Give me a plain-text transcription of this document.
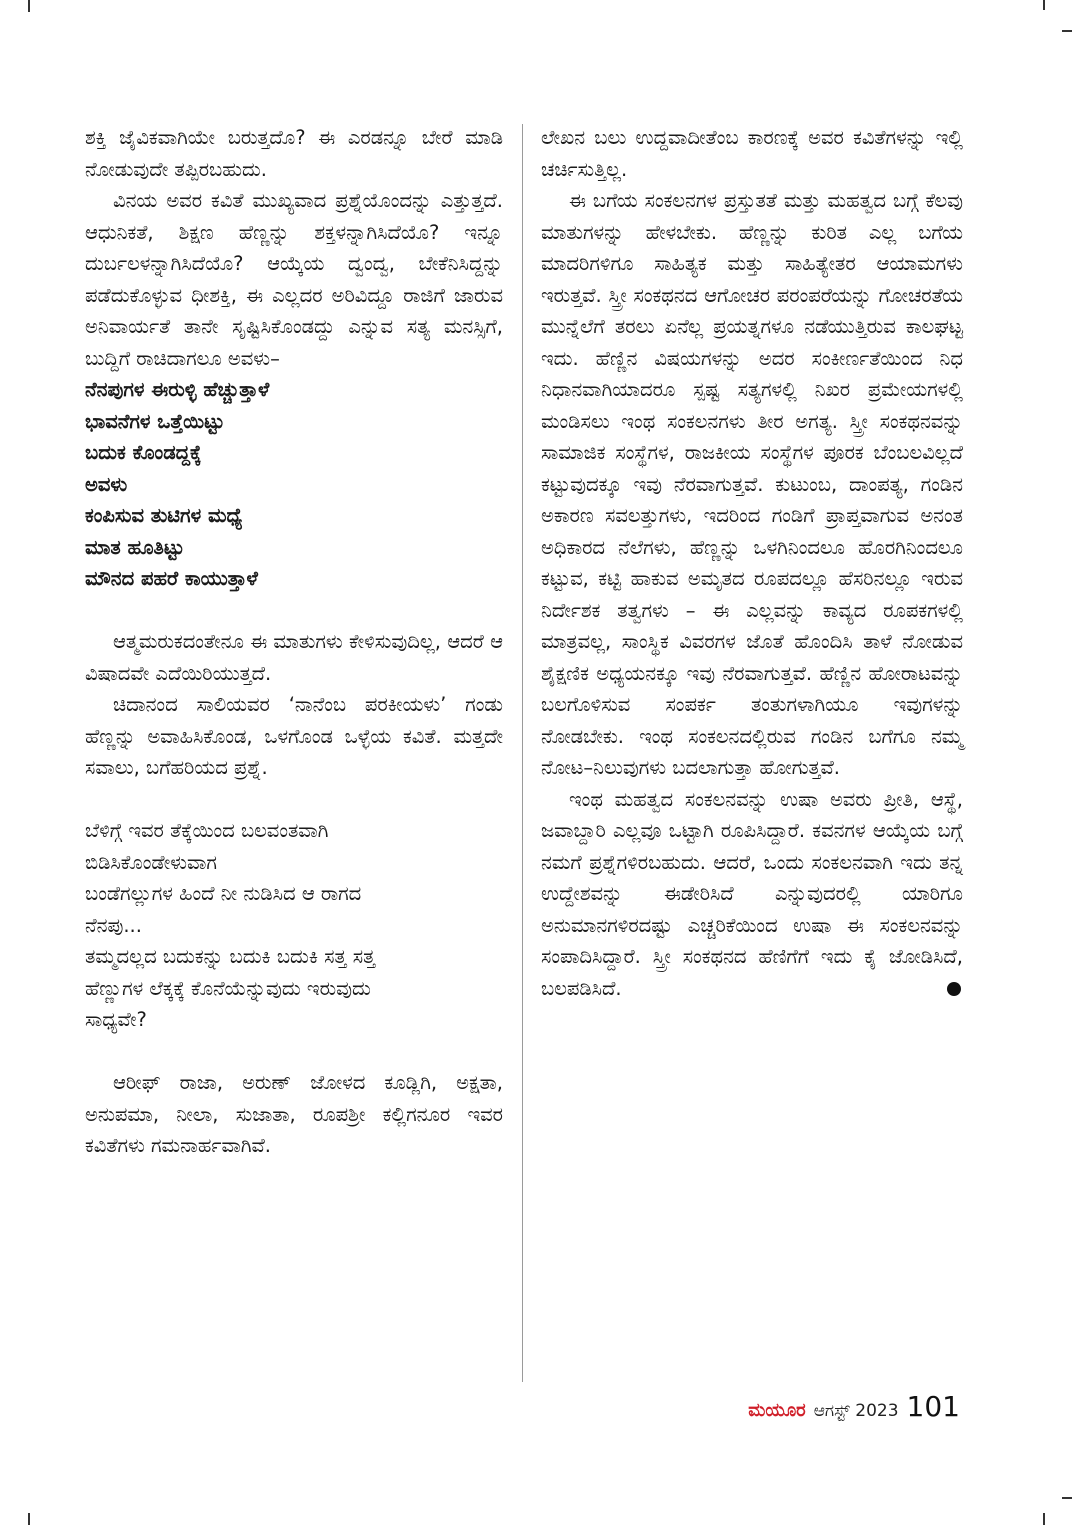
ಶಕ್ತಿ ಜೈವಿಕವಾಗಿಯೇ ಬರುತ್ತದೊ? ಈ ಎರಡನ್ನೂ ಬೇರೆ ಮಾಡಿ ನೋಡುವುದೇ ತಪ್ಪಿರಬಹುದು.

ವಿನಯ ಅವರ ಕವಿತೆ ಮುಖ್ಯವಾದ ಪ್ರಶ್ನೆಯೊಂದನ್ನು ಎತ್ತುತ್ತದೆ. ಆಧುನಿಕತೆ, ಶಿಕ್ಷಣ ಹೆಣ್ಣನ್ನು ಶಕ್ತಳನ್ನಾಗಿಸಿದೆಯೊ? ಇನ್ನೂ ದುರ್ಬಲಳನ್ನಾಗಿಸಿದೆಯೊ? ಆಯ್ಕೆಯ ದ್ವಂದ್ವ, ಬೇಕೆನಿಸಿದ್ದನ್ನು ಪಡೆದುಕೊಳ್ಳುವ ಧೀಶಕ್ತಿ, ಈ ಎಲ್ಲದರ ಅರಿವಿದ್ದೂ ರಾಜಿಗೆ ಜಾರುವ ಅನಿವಾರ್ಯತೆ ತಾನೇ ಸೃಷ್ಟಿಸಿಕೊಂಡದ್ದು ಎನ್ನುವ ಸತ್ಯ ಮನಸ್ಸಿಗೆ, ಬುದ್ದಿಗೆ ರಾಚಿದಾಗಲೂ ಅವಳು–

ನೆನಪುಗಳ ಈರುಳ್ಳಿ ಹೆಚ್ಚುತ್ತಾಳೆ
ಭಾವನೆಗಳ ಒತ್ತೆಯಿಟ್ಟು
ಬದುಕ ಕೊಂಡದ್ದಕ್ಕೆ
ಅವಳು
ಕಂಪಿಸುವ ತುಟಿಗಳ ಮಧ್ಯೆ
ಮಾತ ಹೂತಿಟ್ಟು
ಮೌನದ ಪಹರೆ ಕಾಯುತ್ತಾಳೆ

ಆತ್ಮಮರುಕದಂತೇನೂ ಈ ಮಾತುಗಳು ಕೇಳಿಸುವುದಿಲ್ಲ, ಆದರೆ ಆ ವಿಷಾದವೇ ಎದೆಯಿರಿಯುತ್ತದೆ.

ಚಿದಾನಂದ ಸಾಲಿಯವರ ‘ನಾನೆಂಬ ಪರಕೀಯಳು’ ಗಂಡು ಹೆಣ್ಣನ್ನು ಅವಾಹಿಸಿಕೊಂಡ, ಒಳಗೊಂಡ ಒಳ್ಳೆಯ ಕವಿತೆ. ಮತ್ತದೇ ಸವಾಲು, ಬಗೆಹರಿಯದ ಪ್ರಶ್ನೆ.

ಬೆಳಿಗ್ಗೆ ಇವರ ತೆಕ್ಕೆಯಿಂದ ಬಲವಂತವಾಗಿ
ಬಿಡಿಸಿಕೊಂಡೇಳುವಾಗ
ಬಂಡೆಗಲ್ಲುಗಳ ಹಿಂದೆ ನೀ ನುಡಿಸಿದ ಆ ರಾಗದ
ನೆನಪು...
ತಮ್ಮದಲ್ಲದ ಬದುಕನ್ನು ಬದುಕಿ ಬದುಕಿ ಸತ್ತ ಸತ್ತ
ಹೆಣ್ಣುಗಳ ಲೆಕ್ಕಕ್ಕೆ ಕೊನೆಯೆನ್ನುವುದು ಇರುವುದು
ಸಾಧ್ಯವೇ?

ಆರೀಫ್ ರಾಜಾ, ಅರುಣ್ ಜೋಳದ ಕೂಡ್ಲಿಗಿ, ಅಕ್ಷತಾ, ಅನುಪಮಾ, ನೀಲಾ, ಸುಜಾತಾ, ರೂಪಶ್ರೀ ಕಲ್ಲಿಗನೂರ ಇವರ ಕವಿತೆಗಳು ಗಮನಾರ್ಹವಾಗಿವೆ.

ಲೇಖನ ಬಲು ಉದ್ದವಾದೀತೆಂಬ ಕಾರಣಕ್ಕೆ ಅವರ ಕವಿತೆಗಳನ್ನು ಇಲ್ಲಿ ಚರ್ಚಿಸುತ್ತಿಲ್ಲ.

ಈ ಬಗೆಯ ಸಂಕಲನಗಳ ಪ್ರಸ್ತುತತೆ ಮತ್ತು ಮಹತ್ವದ ಬಗ್ಗೆ ಕೆಲವು ಮಾತುಗಳನ್ನು ಹೇಳಬೇಕು. ಹೆಣ್ಣನ್ನು ಕುರಿತ ಎಲ್ಲ ಬಗೆಯ ಮಾದರಿಗಳಿಗೂ ಸಾಹಿತ್ಯಕ ಮತ್ತು ಸಾಹಿತ್ಯೇತರ ಆಯಾಮಗಳು ಇರುತ್ತವೆ. ಸ್ತ್ರೀ ಸಂಕಥನದ ಆಗೋಚರ ಪರಂಪರೆಯನ್ನು ಗೋಚರತೆಯ ಮುನ್ನೆಲೆಗೆ ತರಲು ಏನೆಲ್ಲ ಪ್ರಯತ್ನಗಳೂ ನಡೆಯುತ್ತಿರುವ ಕಾಲಘಟ್ಟ ಇದು. ಹೆಣ್ಣಿನ ವಿಷಯಗಳನ್ನು ಅದರ ಸಂಕೀರ್ಣತೆಯಿಂದ ನಿಧ ನಿಧಾನವಾಗಿಯಾದರೂ ಸ್ಪಷ್ಟ ಸತ್ಯಗಳಲ್ಲಿ ನಿಖರ ಪ್ರಮೇಯಗಳಲ್ಲಿ ಮಂಡಿಸಲು ಇಂಥ ಸಂಕಲನಗಳು ತೀರ ಅಗತ್ಯ. ಸ್ತ್ರೀ ಸಂಕಥನವನ್ನು ಸಾಮಾಜಿಕ ಸಂಸ್ಥೆಗಳ, ರಾಜಕೀಯ ಸಂಸ್ಥೆಗಳ ಪೂರಕ ಬೆಂಬಲವಿಲ್ಲದೆ ಕಟ್ಟುವುದಕ್ಕೂ ಇವು ನೆರವಾಗುತ್ತವೆ. ಕುಟುಂಬ, ದಾಂಪತ್ಯ, ಗಂಡಿನ ಅಕಾರಣ ಸವಲತ್ತುಗಳು, ಇದರಿಂದ ಗಂಡಿಗೆ ಪ್ರಾಪ್ತವಾಗುವ ಅನಂತ ಅಧಿಕಾರದ ನೆಲೆಗಳು, ಹೆಣ್ಣನ್ನು ಒಳಗಿನಿಂದಲೂ ಹೊರಗಿನಿಂದಲೂ ಕಟ್ಟುವ, ಕಟ್ಟಿ ಹಾಕುವ ಅಮೃತದ ರೂಪದಲ್ಲೂ ಹೆಸರಿನಲ್ಲೂ ಇರುವ ನಿರ್ದೇಶಕ ತತ್ವಗಳು – ಈ ಎಲ್ಲವನ್ನು ಕಾವ್ಯದ ರೂಪಕಗಳಲ್ಲಿ ಮಾತ್ರವಲ್ಲ, ಸಾಂಸ್ಥಿಕ ವಿವರಗಳ ಜೊತೆ ಹೊಂದಿಸಿ ತಾಳೆ ನೋಡುವ ಶೈಕ್ಷಣಿಕ ಅಧ್ಯಯನಕ್ಕೂ ಇವು ನೆರವಾಗುತ್ತವೆ. ಹೆಣ್ಣಿನ ಹೋರಾಟವನ್ನು ಬಲಗೊಳಿಸುವ ಸಂಪರ್ಕ ತಂತುಗಳಾಗಿಯೂ ಇವುಗಳನ್ನು ನೋಡಬೇಕು. ಇಂಥ ಸಂಕಲನದಲ್ಲಿರುವ ಗಂಡಿನ ಬಗೆಗೂ ನಮ್ಮ ನೋಟ–ನಿಲುವುಗಳು ಬದಲಾಗುತ್ತಾ ಹೋಗುತ್ತವೆ.

ಇಂಥ ಮಹತ್ವದ ಸಂಕಲನವನ್ನು ಉಷಾ ಅವರು ಪ್ರೀತಿ, ಆಸ್ಥೆ, ಜವಾಬ್ದಾರಿ ಎಲ್ಲವೂ ಒಟ್ಟಾಗಿ ರೂಪಿಸಿದ್ದಾರೆ. ಕವನಗಳ ಆಯ್ಕೆಯ ಬಗ್ಗೆ ನಮಗೆ ಪ್ರಶ್ನೆಗಳಿರಬಹುದು. ಆದರೆ, ಒಂದು ಸಂಕಲನವಾಗಿ ಇದು ತನ್ನ ಉದ್ದೇಶವನ್ನು ಈಡೇರಿಸಿದೆ ಎನ್ನುವುದರಲ್ಲಿ ಯಾರಿಗೂ ಅನುಮಾನಗಳಿರದಷ್ಟು ಎಚ್ಚರಿಕೆಯಿಂದ ಉಷಾ ಈ ಸಂಕಲನವನ್ನು ಸಂಪಾದಿಸಿದ್ದಾರೆ. ಸ್ತ್ರೀ ಸಂಕಥನದ ಹೆಣಿಗೆಗೆ ಇದು ಕೈ ಜೋಡಿಸಿದೆ, ಬಲಪಡಿಸಿದೆ.

ಮಯೂರ ಆಗಸ್ಟ್ 2023 101
